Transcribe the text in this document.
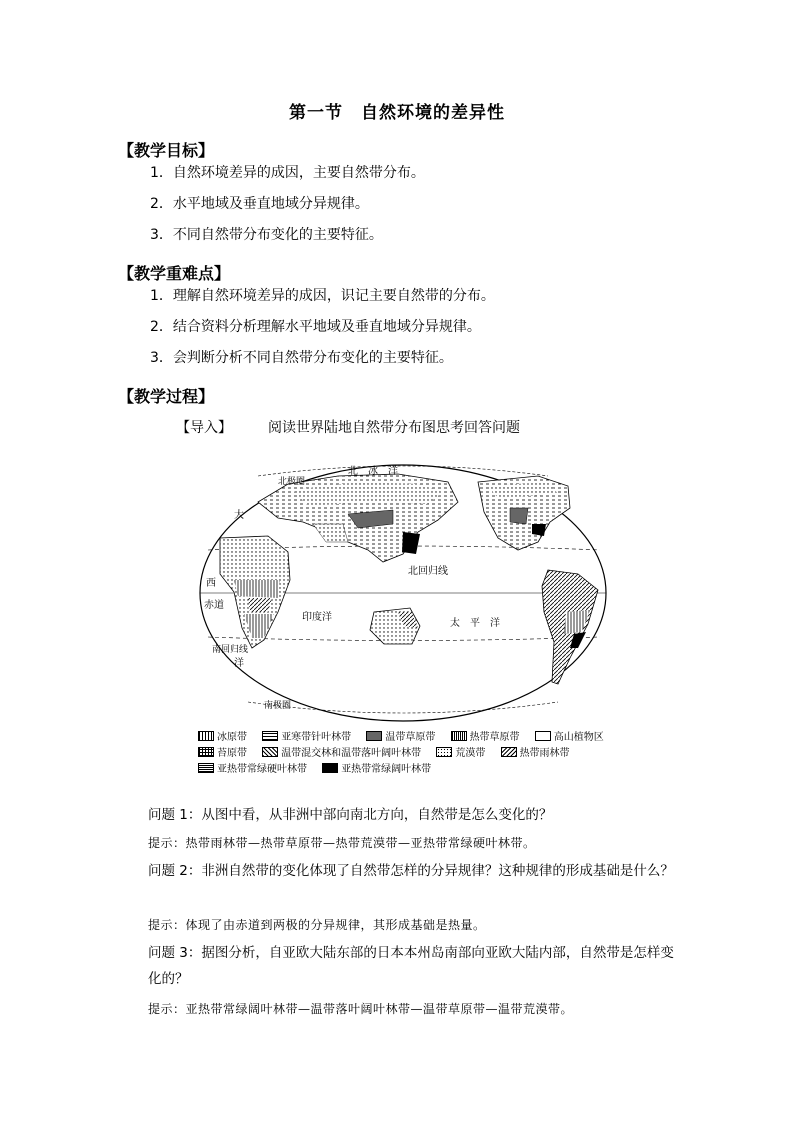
第一节　自然环境的差异性
【教学目标】
1．自然环境差异的成因，主要自然带分布。
2．水平地域及垂直地域分异规律。
3．不同自然带分布变化的主要特征。
【教学重难点】
1．理解自然环境差异的成因，识记主要自然带的分布。
2．结合资料分析理解水平地域及垂直地域分异规律。
3．会判断分析不同自然带分布变化的主要特征。
【教学过程】
【导入】	阅读世界陆地自然带分布图思考回答问题
北　冰　洋
北极圈
大
西
赤道
北回归线
印度洋
太　平　洋
南回归线
洋
南极圈
冰原带
	亚寒带针叶林带
	温带草原带
	热带草原带
	高山植物区
苔原带
	温带混交林和温带落叶阔叶林带
	荒漠带
	热带雨林带
亚热带常绿硬叶林带
	亚热带常绿阔叶林带
问题 1：从图中看，从非洲中部向南北方向，自然带是怎么变化的？
提示：热带雨林带—热带草原带—热带荒漠带—亚热带常绿硬叶林带。
问题 2：非洲自然带的变化体现了自然带怎样的分异规律？这种规律的形成基础是什么？
提示：体现了由赤道到两极的分异规律，其形成基础是热量。
问题 3：据图分析，自亚欧大陆东部的日本本州岛南部向亚欧大陆内部，自然带是怎样变化的？
提示：亚热带常绿阔叶林带—温带落叶阔叶林带—温带草原带—温带荒漠带。
